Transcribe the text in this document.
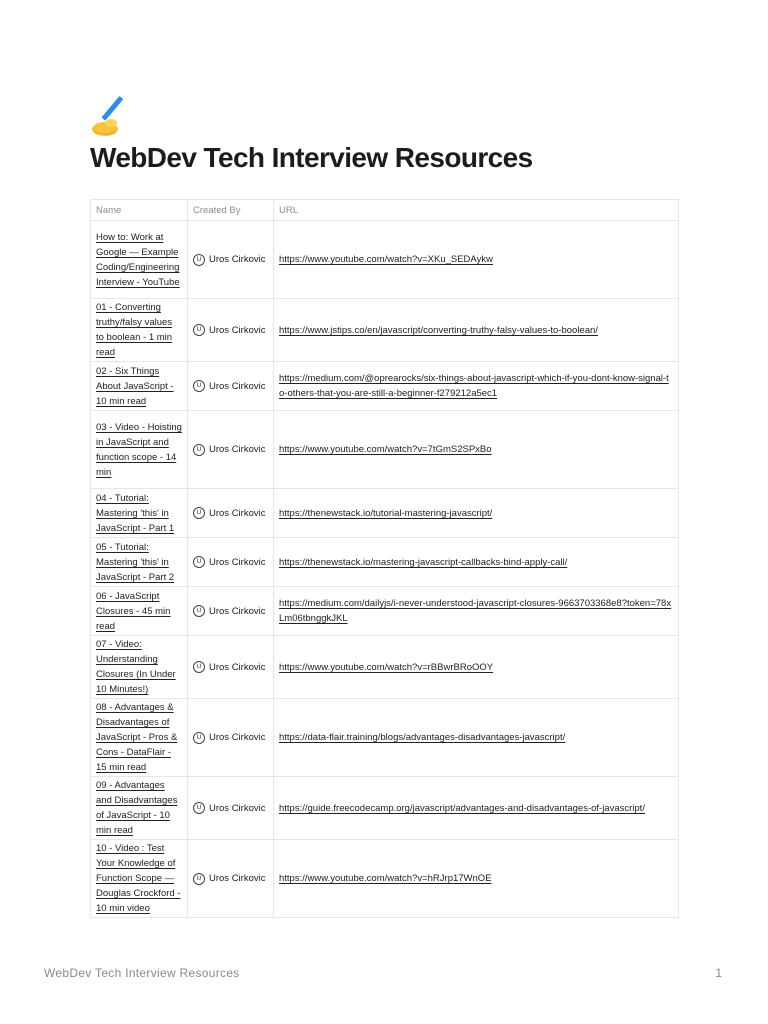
WebDev Tech Interview Resources
Name	Created By	URL
How to: Work at Google — Example Coding/Engineering Interview - YouTube	U Uros Cirkovic	https://www.youtube.com/watch?v=XKu_SEDAykw
01 - Converting truthy/falsy values to boolean - 1 min read	U Uros Cirkovic	https://www.jstips.co/en/javascript/converting-truthy-falsy-values-to-boolean/
02 - Six Things About JavaScript - 10 min read	U Uros Cirkovic	https://medium.com/@oprearocks/six-things-about-javascript-which-if-you-dont-know-signal-to-others-that-you-are-still-a-beginner-f279212a5ec1
03 - Video - Hoisting in JavaScript and function scope - 14 min	U Uros Cirkovic	https://www.youtube.com/watch?v=7tGmS2SPxBo
04 - Tutorial: Mastering 'this' in JavaScript - Part 1	U Uros Cirkovic	https://thenewstack.io/tutorial-mastering-javascript/
05 - Tutorial: Mastering 'this' in JavaScript - Part 2	U Uros Cirkovic	https://thenewstack.io/mastering-javascript-callbacks-bind-apply-call/
06 - JavaScript Closures - 45 min read	U Uros Cirkovic	https://medium.com/dailyjs/i-never-understood-javascript-closures-9663703368e8?token=78xLm06tbnggkJKL
07 - Video: Understanding Closures (In Under 10 Minutes!)	U Uros Cirkovic	https://www.youtube.com/watch?v=rBBwrBRoOOY
08 - Advantages & Disadvantages of JavaScript - Pros & Cons - DataFlair - 15 min read	U Uros Cirkovic	https://data-flair.training/blogs/advantages-disadvantages-javascript/
09 - Advantages and Disadvantages of JavaScript - 10 min read	U Uros Cirkovic	https://guide.freecodecamp.org/javascript/advantages-and-disadvantages-of-javascript/
10 - Video : Test Your Knowledge of Function Scope — Douglas Crockford - 10 min video	U Uros Cirkovic	https://www.youtube.com/watch?v=hRJrp17WnOE
WebDev Tech Interview Resources	1
